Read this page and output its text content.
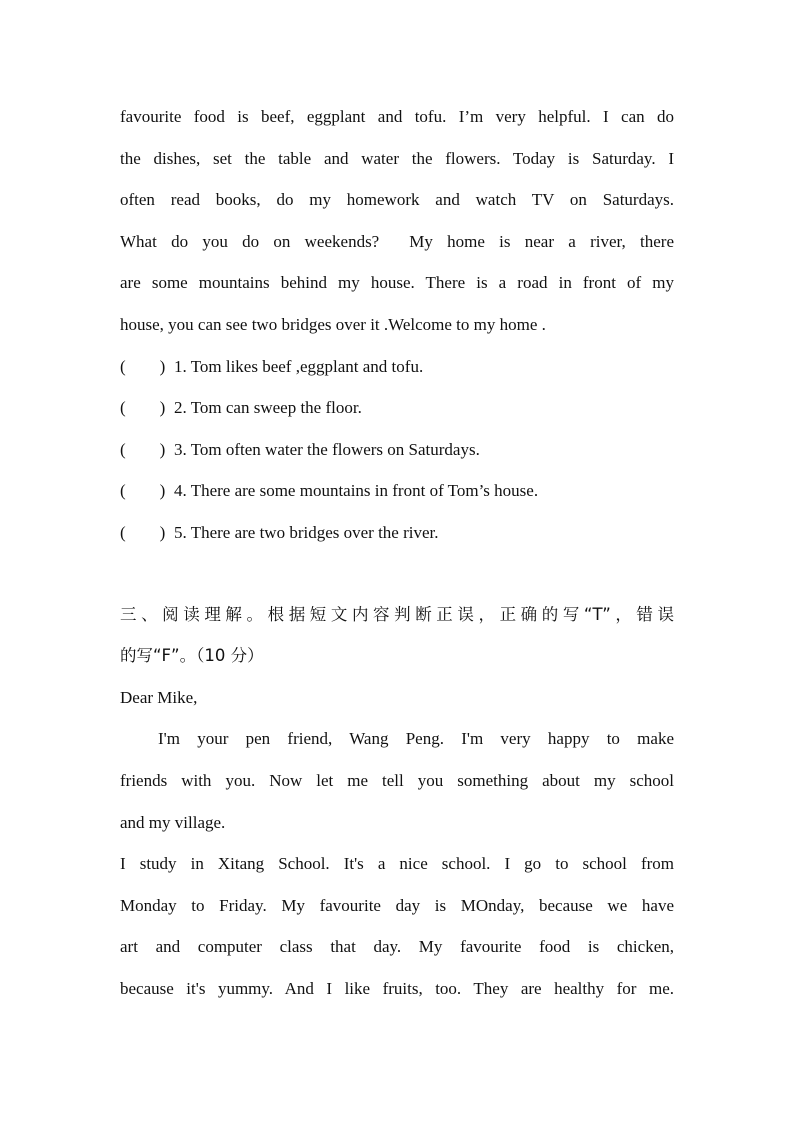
favourite food is beef, eggplant and tofu. I’m very helpful. I can do
the dishes, set the table and water the flowers. Today is Saturday. I
often read books, do my homework and watch TV on Saturdays.
What do you do on weekends? My home is near a river, there
are some mountains behind my house. There is a road in front of my
house, you can see two bridges over it .Welcome to my home .
(        ) 1. Tom likes beef ,eggplant and tofu.
(        ) 2. Tom can sweep the floor.
(        ) 3. Tom often water the flowers on Saturdays.
(        ) 4. There are some mountains in front of Tom’s house.
(        ) 5. There are two bridges over the river.
三、阅读理解。根据短文内容判断正误，正确的写“T”，错误
的写“F”。（10 分）
Dear Mike,
I'm your pen friend, Wang Peng. I'm very happy to make
friends with you. Now let me tell you something about my school
and my village.
I study in Xitang School. It's a nice school. I go to school from
Monday to Friday. My favourite day is MOnday, because we have
art and computer class that day. My favourite food is chicken,
because it's yummy. And I like fruits, too. They are healthy for me.
